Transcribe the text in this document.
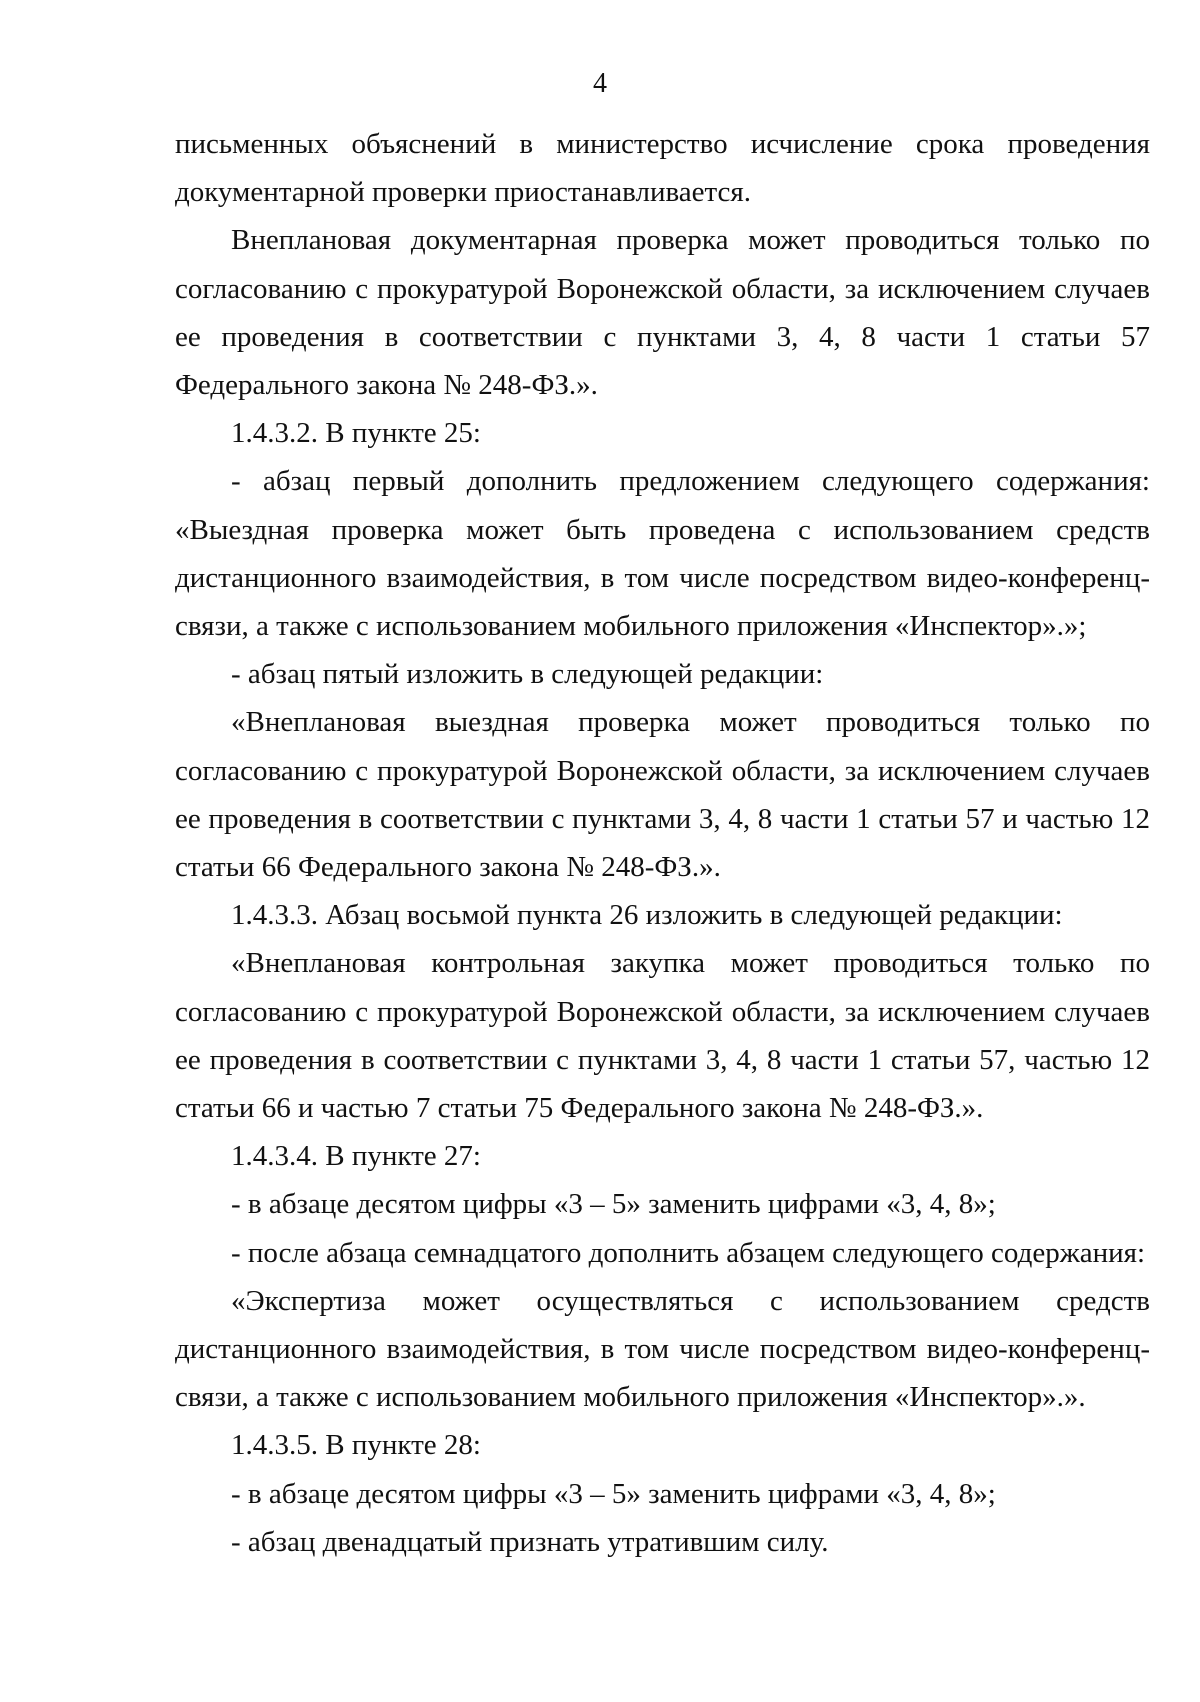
4
письменных объяснений в министерство исчисление срока проведения
документарной проверки приостанавливается.
Внеплановая документарная проверка может проводиться только по
согласованию с прокуратурой Воронежской области, за исключением случаев
ее проведения в соответствии с пунктами 3, 4, 8 части 1 статьи 57
Федерального закона № 248-ФЗ.».
1.4.3.2. В пункте 25:
- абзац первый дополнить предложением следующего содержания:
«Выездная проверка может быть проведена с использованием средств
дистанционного взаимодействия, в том числе посредством видео-конференц-
связи, а также с использованием мобильного приложения «Инспектор».»;
- абзац пятый изложить в следующей редакции:
«Внеплановая выездная проверка может проводиться только по
согласованию с прокуратурой Воронежской области, за исключением случаев
ее проведения в соответствии с пунктами 3, 4, 8 части 1 статьи 57 и частью 12
статьи 66 Федерального закона № 248-ФЗ.».
1.4.3.3. Абзац восьмой пункта 26 изложить в следующей редакции:
«Внеплановая контрольная закупка может проводиться только по
согласованию с прокуратурой Воронежской области, за исключением случаев
ее проведения в соответствии с пунктами 3, 4, 8 части 1 статьи 57, частью 12
статьи 66 и частью 7 статьи 75 Федерального закона № 248-ФЗ.».
1.4.3.4. В пункте 27:
- в абзаце десятом цифры «3 – 5» заменить цифрами «3, 4, 8»;
- после абзаца семнадцатого дополнить абзацем следующего содержания:
«Экспертиза может осуществляться с использованием средств
дистанционного взаимодействия, в том числе посредством видео-конференц-
связи, а также с использованием мобильного приложения «Инспектор».».
1.4.3.5. В пункте 28:
- в абзаце десятом цифры «3 – 5» заменить цифрами «3, 4, 8»;
- абзац двенадцатый признать утратившим силу.
